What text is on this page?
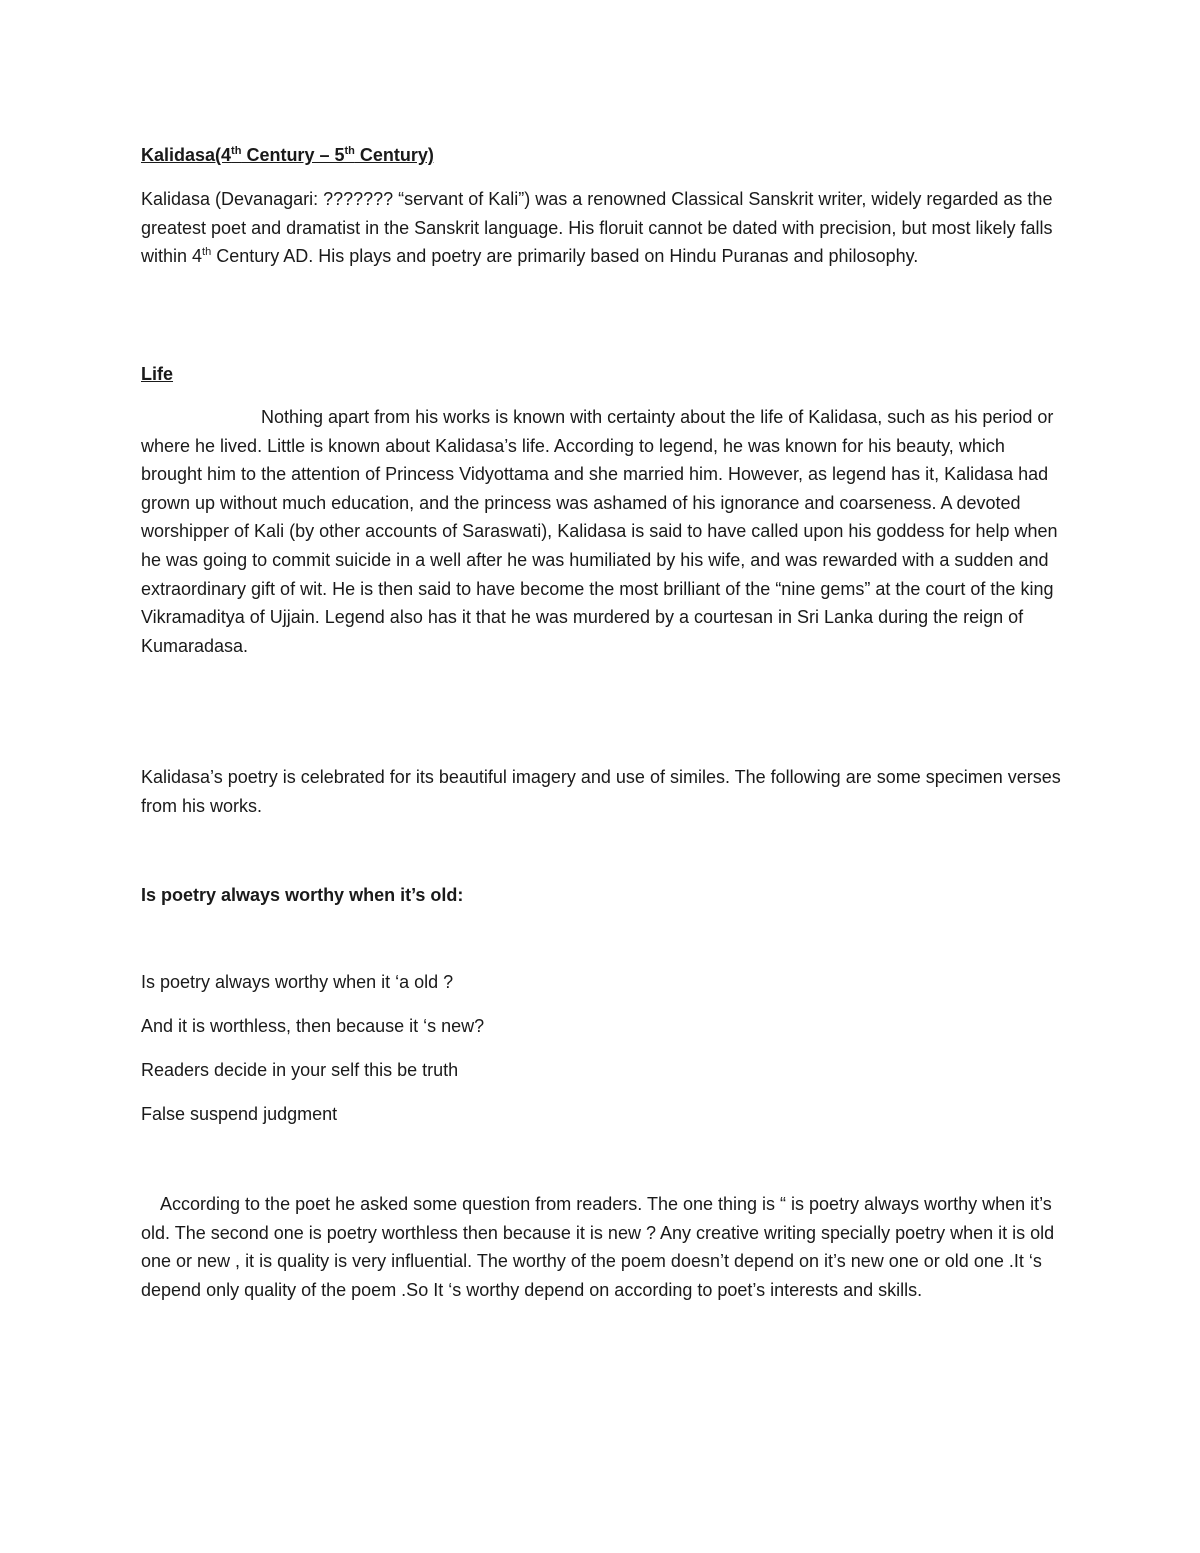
Kalidasa(4th Century – 5th Century)

Kalidasa (Devanagari: ??????? “servant of Kali”) was a renowned Classical Sanskrit writer, widely regarded as the greatest poet and dramatist in the Sanskrit language. His floruit cannot be dated with precision, but most likely falls within 4th Century AD. His plays and poetry are primarily based on Hindu Puranas and philosophy.

Life

Nothing apart from his works is known with certainty about the life of Kalidasa, such as his period or where he lived. Little is known about Kalidasa’s life. According to legend, he was known for his beauty, which brought him to the attention of Princess Vidyottama and she married him. However, as legend has it, Kalidasa had grown up without much education, and the princess was ashamed of his ignorance and coarseness. A devoted worshipper of Kali (by other accounts of Saraswati), Kalidasa is said to have called upon his goddess for help when he was going to commit suicide in a well after he was humiliated by his wife, and was rewarded with a sudden and extraordinary gift of wit. He is then said to have become the most brilliant of the “nine gems” at the court of the king Vikramaditya of Ujjain. Legend also has it that he was murdered by a courtesan in Sri Lanka during the reign of Kumaradasa.

Kalidasa’s poetry is celebrated for its beautiful imagery and use of similes. The following are some specimen verses from his works.

Is poetry always worthy when it’s old:

Is poetry always worthy when it ‘a old ?

And it is worthless, then because it ‘s new?

Readers decide in your self this be truth

False suspend judgment

According to the poet he asked some question from readers. The one thing is “ is poetry always worthy when it’s old. The second one is poetry worthless then because it is new ? Any creative writing specially poetry when it is old one or new , it is quality is very influential. The worthy of the poem doesn’t depend on it’s new one or old one .It ‘s depend only quality of the poem .So It ‘s worthy depend on according to poet’s interests and skills.
